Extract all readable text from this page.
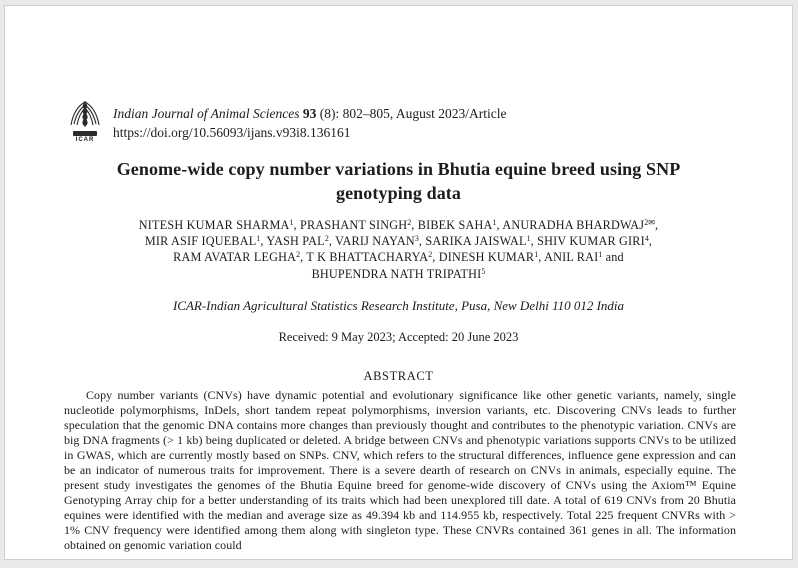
ICAR
Indian Journal of Animal Sciences 93 (8): 802–805, August 2023/Article
https://doi.org/10.56093/ijans.v93i8.136161
Genome-wide copy number variations in Bhutia equine breed using SNP
genotyping data
NITESH KUMAR SHARMA$^1$, PRASHANT SINGH$^2$, BIBEK SAHA$^1$, ANURADHA $BHARDWAJ^{2✉}$,
MIR ASIF IQUEBAL$^1$, YASH PAL$^2$, VARIJ NAYAN$^3$, SARIKA JAISWAL$^1$, SHIV KUMAR GIRI$^4$,
RAM AVATAR LEGHA$^2$, T K BHATTACHARYA$^2$, DINESH KUMAR$^1$, ANIL RAI$^1$ and
BHUPENDRA NATH TRIPATHI$^5$
ICAR-Indian Agricultural Statistics Research Institute, Pusa, New Delhi 110 012 India
Received: 9 May 2023; Accepted: 20 June 2023
ABSTRACT

Copy number variants (CNVs) have dynamic potential and evolutionary significance like other genetic variants, namely, single nucleotide polymorphisms, InDels, short tandem repeat polymorphisms, inversion variants, etc. Discovering CNVs leads to further speculation that the genomic DNA contains more changes than previously thought and contributes to the phenotypic variation. CNVs are big DNA fragments (> 1 kb) being duplicated or deleted. A bridge between CNVs and phenotypic variations supports CNVs to be utilized in GWAS, which are currently mostly based on SNPs. CNV, which refers to the structural differences, influence gene expression and can be an indicator of numerous traits for improvement. There is a severe dearth of research on CNVs in animals, especially equine. The present study investigates the genomes of the Bhutia Equine breed for genome-wide discovery of CNVs using the Axiom™ Equine Genotyping Array chip for a better understanding of its traits which had been unexplored till date. A total of 619 CNVs from 20 Bhutia equines were identified with the median and average size as 49.394 kb and 114.955 kb, respectively. Total 225 frequent CNVRs with > 1% CNV frequency were identified among them along with singleton type. These CNVRs contained 361 genes in all. The information obtained on genomic variation could
